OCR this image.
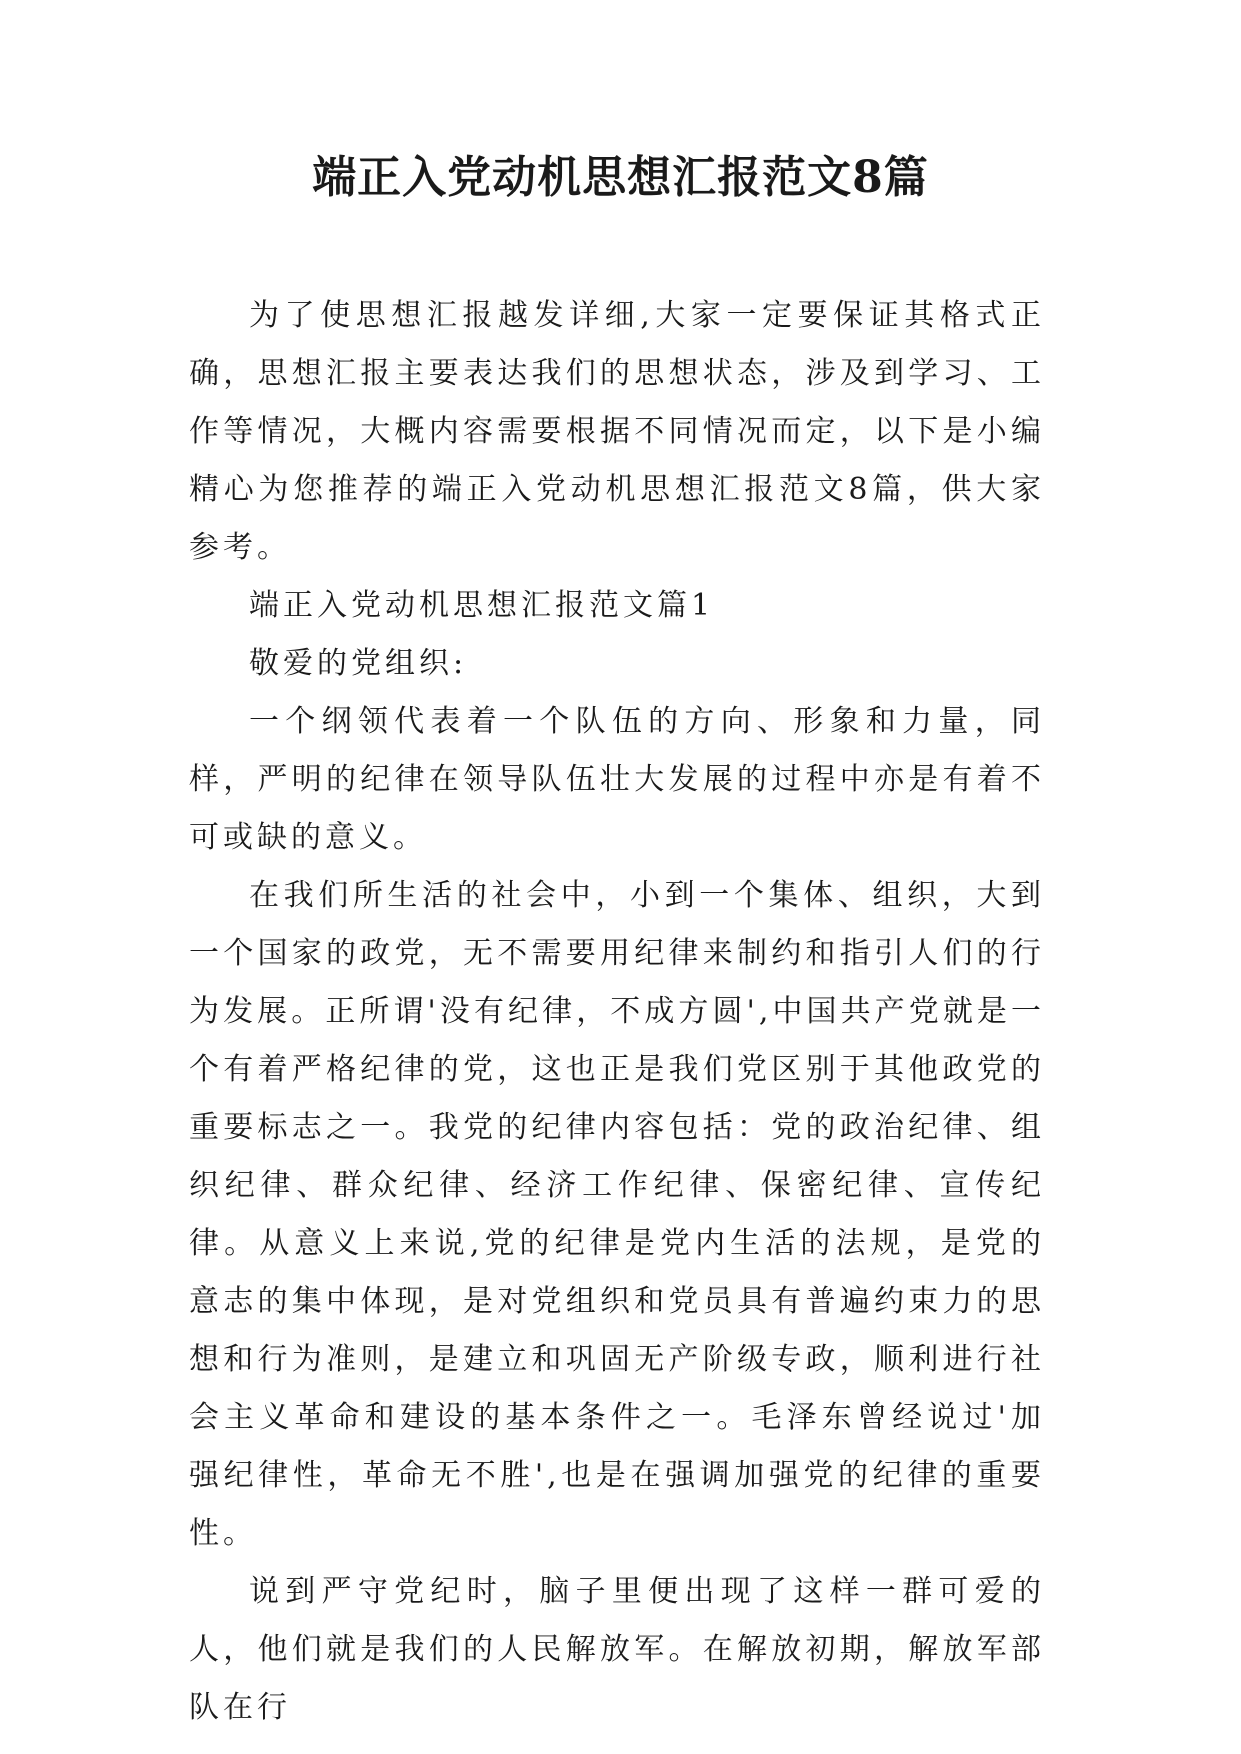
端正入党动机思想汇报范文8篇

为了使思想汇报越发详细,大家一定要保证其格式正确，思想汇报主要表达我们的思想状态，涉及到学习、工作等情况，大概内容需要根据不同情况而定，以下是小编精心为您推荐的端正入党动机思想汇报范文8篇，供大家参考。

端正入党动机思想汇报范文篇1

敬爱的党组织:

一个纲领代表着一个队伍的方向、形象和力量，同样，严明的纪律在领导队伍壮大发展的过程中亦是有着不可或缺的意义。

在我们所生活的社会中，小到一个集体、组织，大到一个国家的政党，无不需要用纪律来制约和指引人们的行为发展。正所谓'没有纪律，不成方圆',中国共产党就是一个有着严格纪律的党，这也正是我们党区别于其他政党的重要标志之一。我党的纪律内容包括：党的政治纪律、组织纪律、群众纪律、经济工作纪律、保密纪律、宣传纪律。从意义上来说,党的纪律是党内生活的法规，是党的意志的集中体现，是对党组织和党员具有普遍约束力的思想和行为准则，是建立和巩固无产阶级专政，顺利进行社会主义革命和建设的基本条件之一。毛泽东曾经说过'加强纪律性，革命无不胜',也是在强调加强党的纪律的重要性。

说到严守党纪时，脑子里便出现了这样一群可爱的人，他们就是我们的人民解放军。在解放初期，解放军部队在行
